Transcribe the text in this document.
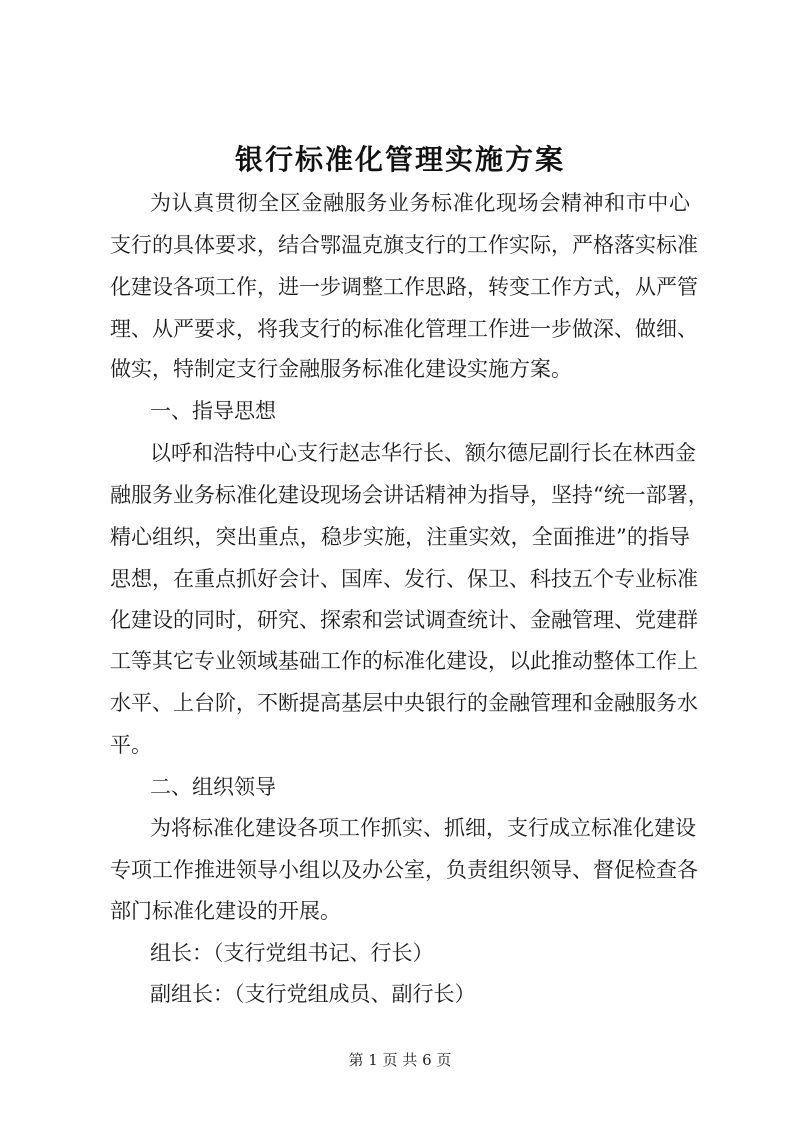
银行标准化管理实施方案
为认真贯彻全区金融服务业务标准化现场会精神和市中心
支行的具体要求，结合鄂温克旗支行的工作实际，严格落实标准
化建设各项工作，进一步调整工作思路，转变工作方式，从严管
理、从严要求，将我支行的标准化管理工作进一步做深、做细、
做实，特制定支行金融服务标准化建设实施方案。
一、指导思想
以呼和浩特中心支行赵志华行长、额尔德尼副行长在林西金
融服务业务标准化建设现场会讲话精神为指导，坚持“统一部署，
精心组织，突出重点，稳步实施，注重实效，全面推进”的指导
思想，在重点抓好会计、国库、发行、保卫、科技五个专业标准
化建设的同时，研究、探索和尝试调查统计、金融管理、党建群
工等其它专业领域基础工作的标准化建设，以此推动整体工作上
水平、上台阶，不断提高基层中央银行的金融管理和金融服务水
平。
二、组织领导
为将标准化建设各项工作抓实、抓细，支行成立标准化建设
专项工作推进领导小组以及办公室，负责组织领导、督促检查各
部门标准化建设的开展。
组长：（支行党组书记、行长）
副组长：（支行党组成员、副行长）
第 1 页 共 6 页
